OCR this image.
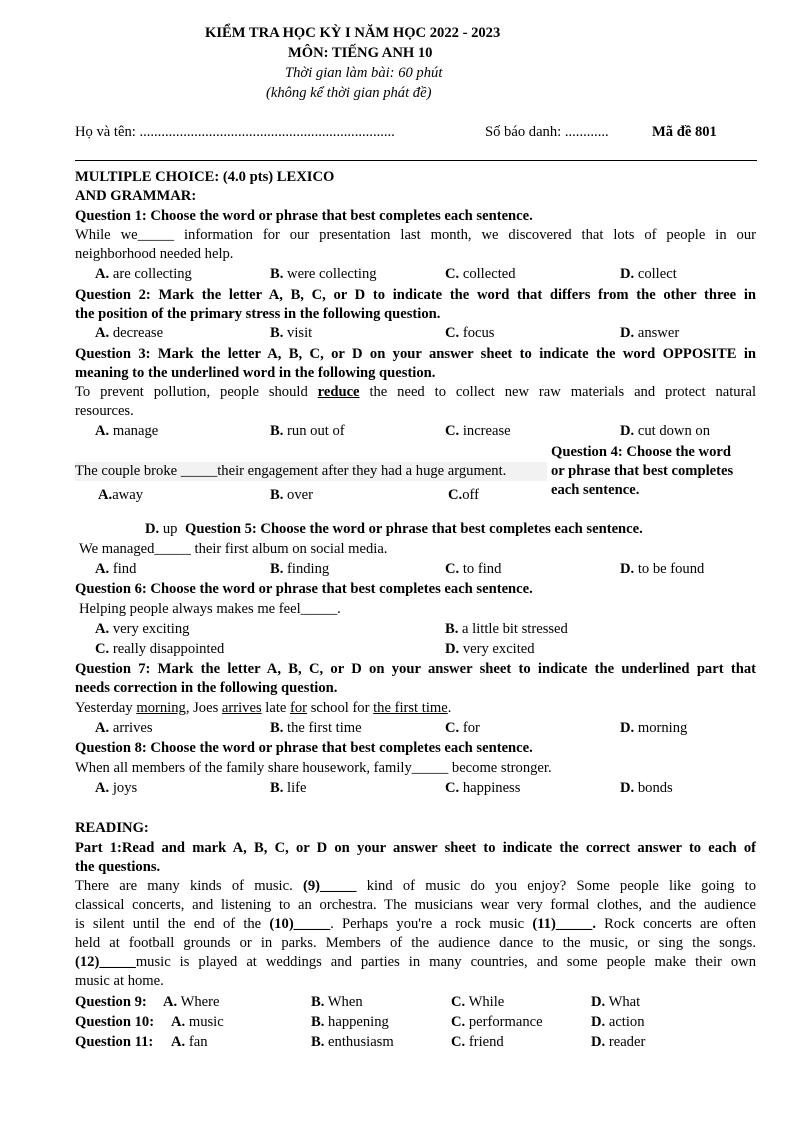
KIỂM TRA HỌC KỲ I NĂM HỌC 2022 - 2023
MÔN: TIẾNG ANH 10
Thời gian làm bài: 60 phút
(không kể thời gian phát đề)
Họ và tên: ......................................................................	Số báo danh: ............	Mã đề 801
MULTIPLE CHOICE: (4.0 pts) LEXICO
AND GRAMMAR:
Question 1: Choose the word or phrase that best completes each sentence.
While we_____ information for our presentation last month, we discovered that lots of people in our
neighborhood needed help.
A. are collecting	B. were collecting	C. collected	D. collect
Question 2: Mark the letter A, B, C, or D to indicate the word that differs from the other three in
the position of the primary stress in the following question.
A. decrease	B. visit	C. focus	D. answer
Question 3: Mark the letter A, B, C, or D on your answer sheet to indicate the word OPPOSITE in
meaning to the underlined word in the following question.
To prevent pollution, people should reduce the need to collect new raw materials and protect natural
resources.
A. manage	B. run out of	C. increase	D. cut down on
Question 4: Choose the word
or phrase that best completes
each sentence.
The couple broke _____their engagement after they had a huge argument.
A.away	B. over	C.off
D. up Question 5: Choose the word or phrase that best completes each sentence.
We managed_____ their first album on social media.
A. find	B. finding	C. to find	D. to be found
Question 6: Choose the word or phrase that best completes each sentence.
Helping people always makes me feel_____.
A. very exciting	B. a little bit stressed
C. really disappointed	D. very excited
Question 7: Mark the letter A, B, C, or D on your answer sheet to indicate the underlined part that
needs correction in the following question.
Yesterday morning, Joes arrives late for school for the first time.
A. arrives	B. the first time	C. for	D. morning
Question 8: Choose the word or phrase that best completes each sentence.
When all members of the family share housework, family_____ become stronger.
A. joys	B. life	C. happiness	D. bonds
READING:
Part 1:Read and mark A, B, C, or D on your answer sheet to indicate the correct answer to each of
the questions.
There are many kinds of music. (9)_____ kind of music do you enjoy? Some people like going to
classical concerts, and listening to an orchestra. The musicians wear very formal clothes, and the audience
is silent until the end of the (10)_____. Perhaps you're a rock music (11)_____. Rock concerts are often
held at football grounds or in parks. Members of the audience dance to the music, or sing the songs.
(12)_____music is played at weddings and parties in many countries, and some people make their own
music at home.
Question 9: A. Where	B. When	C. While	D. What
Question 10: A. music	B. happening	C. performance	D. action
Question 11: A. fan	B. enthusiasm	C. friend	D. reader
